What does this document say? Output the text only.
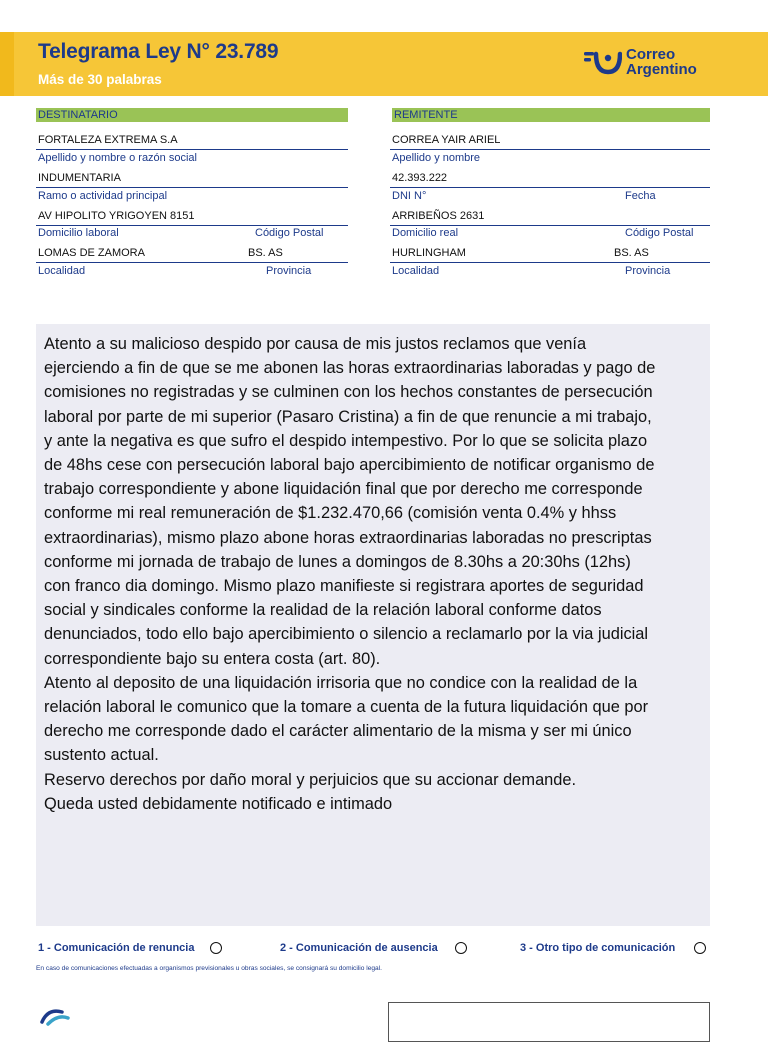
Telegrama Ley N° 23.789
Más de 30 palabras
Correo
Argentino
DESTINATARIO	REMITENTE
FORTALEZA EXTREMA S.A
Apellido y nombre o razón social
INDUMENTARIA
Ramo o actividad principal
AV HIPOLITO YRIGOYEN 8151
Domicilio laboral	Código Postal
LOMAS DE ZAMORA	BS. AS
Localidad	Provincia
CORREA YAIR ARIEL
Apellido y nombre
42.393.222
DNI N°	Fecha
ARRIBEÑOS 2631
Domicilio real	Código Postal
HURLINGHAM	BS. AS
Localidad	Provincia

Atento a su malicioso despido por causa de mis justos reclamos que venía
ejerciendo a fin de que se me abonen las horas extraordinarias laboradas y pago de
comisiones no registradas y se culminen con los hechos constantes de persecución
laboral por parte de mi superior (Pasaro Cristina) a fin de que renuncie a mi trabajo,
y ante la negativa es que sufro el despido intempestivo. Por lo que se solicita plazo
de 48hs cese con persecución laboral bajo apercibimiento de notificar organismo de
trabajo correspondiente y abone liquidación final que por derecho me corresponde
conforme mi real remuneración de $1.232.470,66 (comisión venta 0.4% y hhss
extraordinarias), mismo plazo abone horas extraordinarias laboradas no prescriptas
conforme mi jornada de trabajo de lunes a domingos de 8.30hs a 20:30hs (12hs)
con franco dia domingo. Mismo plazo manifieste si registrara aportes de seguridad
social y sindicales conforme la realidad de la relación laboral conforme datos
denunciados, todo ello bajo apercibimiento o silencio a reclamarlo por la via judicial
correspondiente bajo su entera costa (art. 80).
Atento al deposito de una liquidación irrisoria que no condice con la realidad de la
relación laboral le comunico que la tomare a cuenta de la futura liquidación que por
derecho me corresponde dado el carácter alimentario de la misma y ser mi único
sustento actual.
Reservo derechos por daño moral y perjuicios que su accionar demande.
Queda usted debidamente notificado e intimado

1 - Comunicación de renuncia	2 - Comunicación de ausencia	3 - Otro tipo de comunicación
En caso de comunicaciones efectuadas a organismos previsionales u obras sociales, se consignará su domicilio legal.
